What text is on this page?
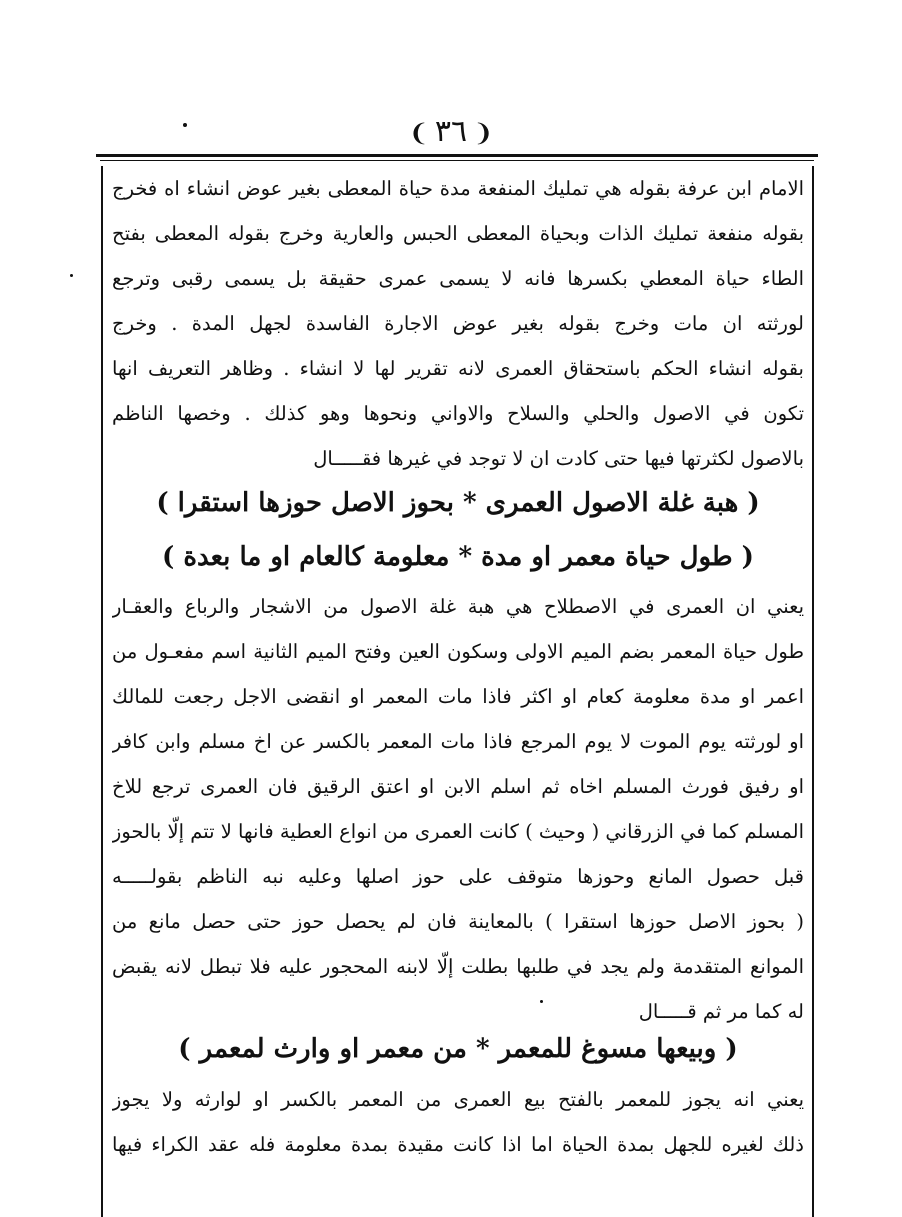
❨٣٦❩
الامام ابن عرفة بقوله هي تمليك المنفعة مدة حياة المعطى بغير عوض انشاء اه فخرج
بقوله منفعة تمليك الذات وبحياة المعطى الحبس والعارية وخرج بقوله المعطى بفتح
الطاء حياة المعطي بكسرها فانه لا يسمى عمرى حقيقة بل يسمى رقبى وترجع
لورثته ان مات وخرج بقوله بغير عوض الاجارة الفاسدة لجهل المدة . وخرج
بقوله انشاء الحكم باستحقاق العمرى لانه تقرير لها لا انشاء . وظاهر التعريف انها
تكون في الاصول والحلي والسلاح والاواني ونحوها وهو كذلك . وخصها الناظم
بالاصول لكثرتها فيها حتى كادت ان لا توجد في غيرها فقـــــال
( هبة غلة الاصول العمرى * بحوز الاصل حوزها استقرا )
( طول حياة معمر او مدة * معلومة كالعام او ما بعدة )
يعني ان العمرى في الاصطلاح هي هبة غلة الاصول من الاشجار والرباع والعقـار
طول حياة المعمر بضم الميم الاولى وسكون العين وفتح الميم الثانية اسم مفعـول من
اعمر او مدة معلومة كعام او اكثر فاذا مات المعمر او انقضى الاجل رجعت للمالك
او لورثته يوم الموت لا يوم المرجع فاذا مات المعمر بالكسر عن اخ مسلم وابن كافر
او رفيق فورث المسلم اخاه ثم اسلم الابن او اعتق الرقيق فان العمرى ترجع للاخ
المسلم كما في الزرقاني ( وحيث ) كانت العمرى من انواع العطية فانها لا تتم إلّا بالحوز
قبل حصول المانع وحوزها متوقف على حوز اصلها وعليه نبه الناظم بقولـــــه
( بحوز الاصل حوزها استقرا ) بالمعاينة فان لم يحصل حوز حتى حصل مانع من
الموانع المتقدمة ولم يجد في طلبها بطلت إلّا لابنه المحجور عليه فلا تبطل لانه يقبض
له كما مر ثم قـــــال
( وبيعها مسوغ للمعمر * من معمر او وارث لمعمر )
يعني انه يجوز للمعمر بالفتح بيع العمرى من المعمر بالكسر او لوارثه ولا يجوز
ذلك لغيره للجهل بمدة الحياة اما اذا كانت مقيدة بمدة معلومة فله عقد الكراء فيها
